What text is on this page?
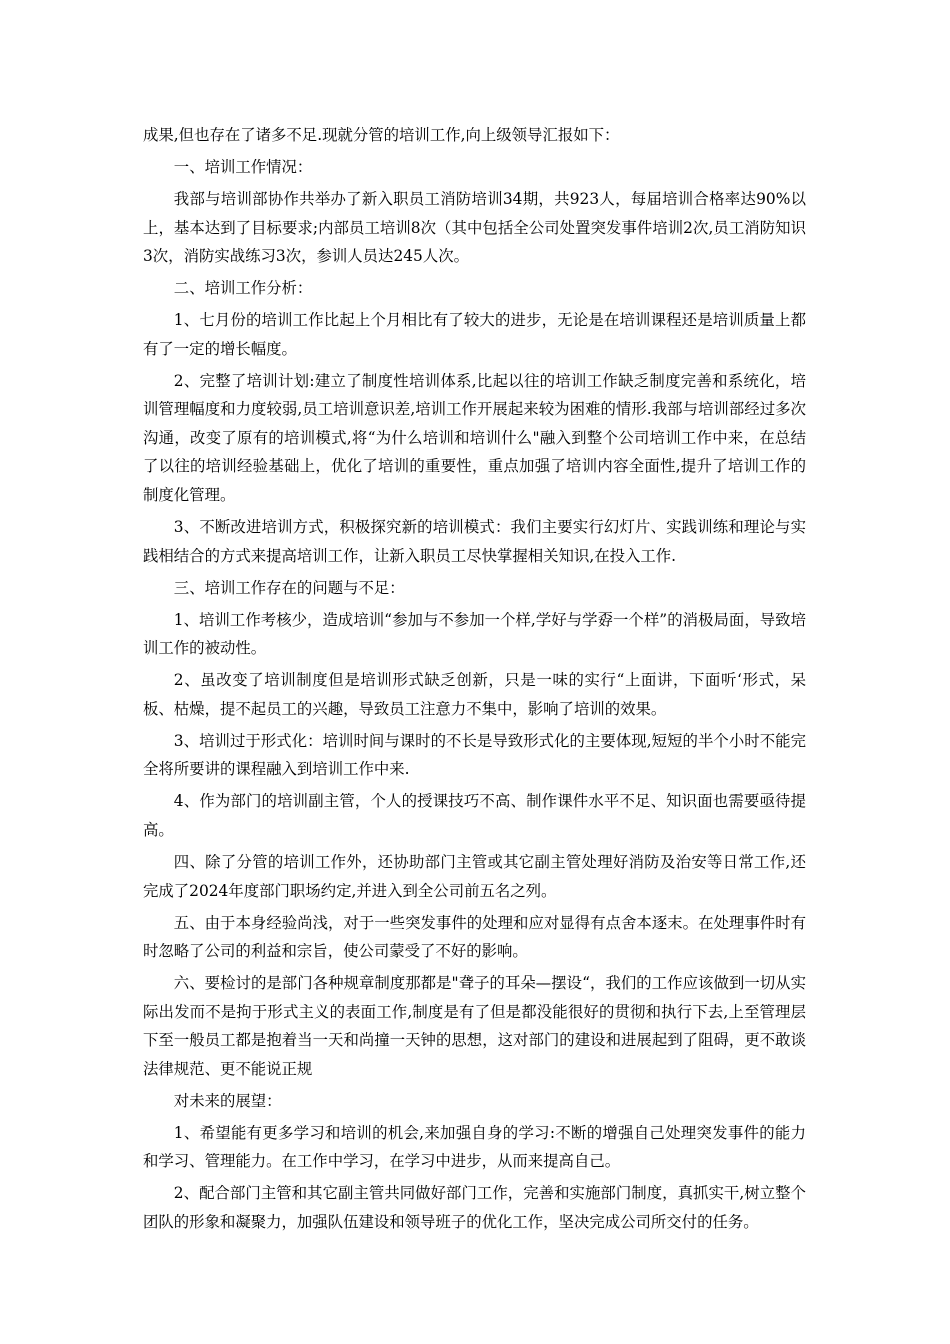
成果,但也存在了诸多不足.现就分管的培训工作,向上级领导汇报如下：

一、培训工作情况：

我部与培训部协作共举办了新入职员工消防培训34期，共923人，每届培训合格率达90%以上，基本达到了目标要求;内部员工培训8次（其中包括全公司处置突发事件培训2次,员工消防知识3次，消防实战练习3次，参训人员达245人次。

二、培训工作分析：

1、七月份的培训工作比起上个月相比有了较大的进步，无论是在培训课程还是培训质量上都有了一定的增长幅度。

2、完整了培训计划:建立了制度性培训体系,比起以往的培训工作缺乏制度完善和系统化，培训管理幅度和力度较弱,员工培训意识差,培训工作开展起来较为困难的情形.我部与培训部经过多次沟通，改变了原有的培训模式,将“为什么培训和培训什么"融入到整个公司培训工作中来，在总结了以往的培训经验基础上，优化了培训的重要性，重点加强了培训内容全面性,提升了培训工作的制度化管理。

3、不断改进培训方式，积极探究新的培训模式：我们主要实行幻灯片、实践训练和理论与实践相结合的方式来提高培训工作，让新入职员工尽快掌握相关知识,在投入工作.

三、培训工作存在的问题与不足：

1、培训工作考核少，造成培训“参加与不参加一个样,学好与学孬一个样”的消极局面，导致培训工作的被动性。

2、虽改变了培训制度但是培训形式缺乏创新，只是一味的实行“上面讲，下面听‘形式，呆板、枯燥，提不起员工的兴趣，导致员工注意力不集中，影响了培训的效果。

3、培训过于形式化：培训时间与课时的不长是导致形式化的主要体现,短短的半个小时不能完全将所要讲的课程融入到培训工作中来.

4、作为部门的培训副主管，个人的授课技巧不高、制作课件水平不足、知识面也需要亟待提高。

四、除了分管的培训工作外，还协助部门主管或其它副主管处理好消防及治安等日常工作,还完成了2024年度部门职场约定,并进入到全公司前五名之列。

五、由于本身经验尚浅，对于一些突发事件的处理和应对显得有点舍本逐末。在处理事件时有时忽略了公司的利益和宗旨，使公司蒙受了不好的影响。

六、要检讨的是部门各种规章制度那都是"聋子的耳朵—摆设“，我们的工作应该做到一切从实际出发而不是拘于形式主义的表面工作,制度是有了但是都没能很好的贯彻和执行下去,上至管理层下至一般员工都是抱着当一天和尚撞一天钟的思想，这对部门的建设和进展起到了阻碍，更不敢谈法律规范、更不能说正规

对未来的展望：

1、希望能有更多学习和培训的机会,来加强自身的学习:不断的增强自己处理突发事件的能力和学习、管理能力。在工作中学习，在学习中进步，从而来提高自己。

2、配合部门主管和其它副主管共同做好部门工作，完善和实施部门制度，真抓实干,树立整个团队的形象和凝聚力，加强队伍建设和领导班子的优化工作，坚决完成公司所交付的任务。
